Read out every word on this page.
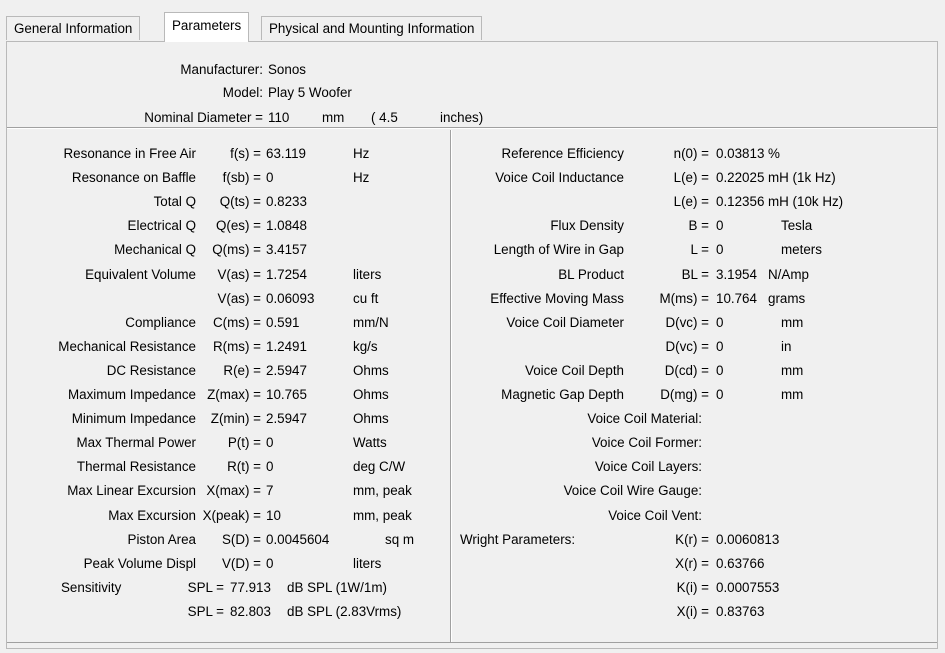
General Information	Parameters	Physical and Mounting Information
Manufacturer: Sonos
Model: Play 5 Woofer
Nominal Diameter = 110 mm ( 4.5	inches)
Resonance in Free Air	f(s) = 63.119	Hz
Resonance on Baffle f(sb) = 0	Hz
Total Q Q(ts) = 0.8233
Electrical Q Q(es) = 1.0848
Mechanical Q Q(ms) = 3.4157
Equivalent Volume V(as) = 1.7254	liters
V(as) = 0.06093	cu ft
Compliance C(ms) = 0.591	mm/N
Mechanical Resistance R(ms) = 1.2491	kg/s
DC Resistance R(e) = 2.5947	Ohms
Maximum Impedance Z(max) = 10.765	Ohms
Minimum Impedance Z(min) = 2.5947	Ohms
Max Thermal Power P(t) = 0	Watts
Thermal Resistance R(t) = 0	deg C/W
Max Linear Excursion X(max) = 7	mm, peak
Max Excursion X(peak) = 10	mm, peak
Piston Area S(D) = 0.0045604	sq m
Peak Volume Displ V(D) = 0	liters
Sensitivity	SPL = 77.913 dB SPL (1W/1m)
SPL = 82.803 dB SPL (2.83Vrms)
Reference Efficiency	n(0) = 0.03813 %
Voice Coil Inductance	L(e) = 0.22025 mH (1k Hz)
L(e) = 0.12356 mH (10k Hz)
Flux Density	B = 0	Tesla
Length of Wire in Gap	L = 0	meters
BL Product	BL = 3.1954 N/Amp
Effective Moving Mass	M(ms) = 10.764 grams
Voice Coil Diameter	D(vc) = 0	mm
D(vc) = 0	in
Voice Coil Depth	D(cd) = 0	mm
Magnetic Gap Depth	D(mg) = 0	mm
Voice Coil Material:
Voice Coil Former:
Voice Coil Layers:
Voice Coil Wire Gauge:
Voice Coil Vent:
Wright Parameters:	K(r) = 0.0060813
X(r) = 0.63766
K(i) = 0.0007553
X(i) = 0.83763
